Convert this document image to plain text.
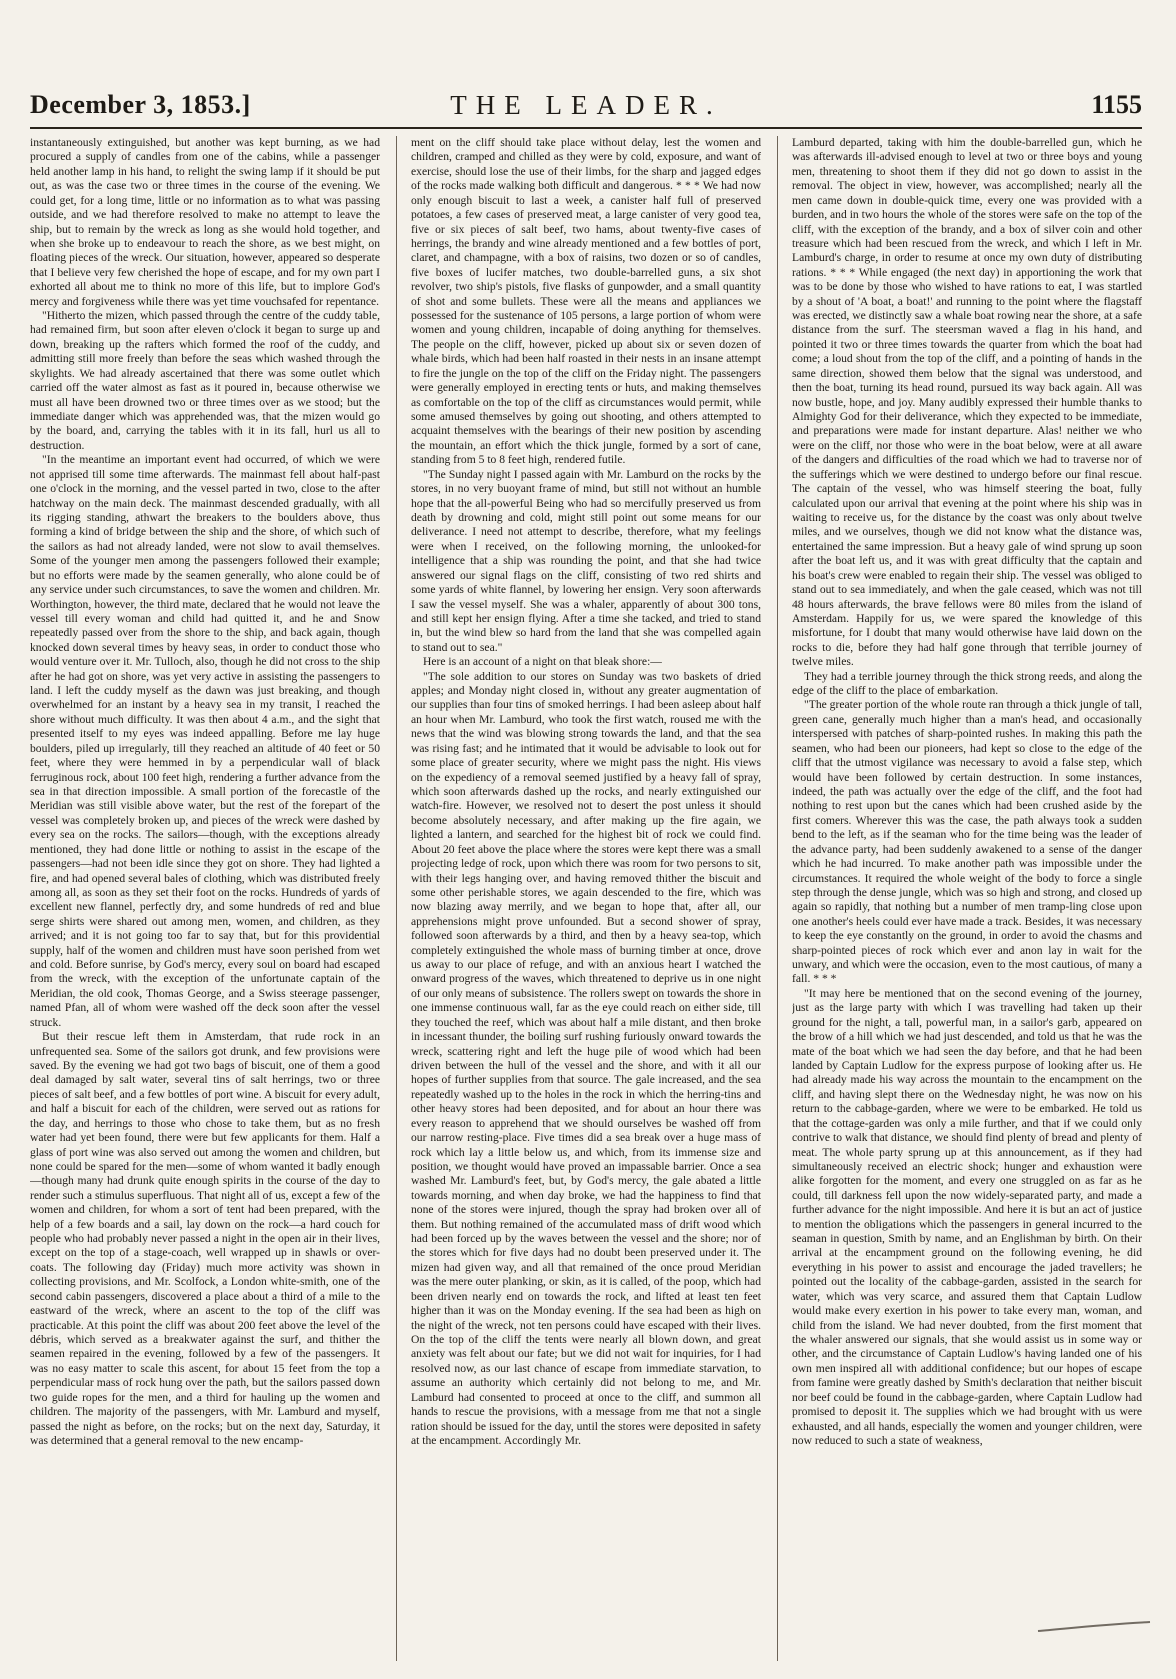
December 3, 1853.]	THE LEADER.	1155

instantaneously extinguished, but another was kept burning, as we had procured a supply of candles from one of the cabins, while a passenger held another lamp in his hand, to relight the swing lamp if it should be put out, as was the case two or three times in the course of the evening. We could get, for a long time, little or no information as to what was passing outside, and we had therefore resolved to make no attempt to leave the ship, but to remain by the wreck as long as she would hold together, and when she broke up to endeavour to reach the shore, as we best might, on floating pieces of the wreck. Our situation, however, appeared so desperate that I believe very few cherished the hope of escape, and for my own part I exhorted all about me to think no more of this life, but to implore God's mercy and forgiveness while there was yet time vouchsafed for repentance.

"Hitherto the mizen, which passed through the centre of the cuddy table, had remained firm, but soon after eleven o'clock it began to surge up and down, breaking up the rafters which formed the roof of the cuddy, and admitting still more freely than before the seas which washed through the skylights. We had already ascertained that there was some outlet which carried off the water almost as fast as it poured in, because otherwise we must all have been drowned two or three times over as we stood; but the immediate danger which was apprehended was, that the mizen would go by the board, and, carrying the tables with it in its fall, hurl us all to destruction.

"In the meantime an important event had occurred, of which we were not apprised till some time afterwards. The mainmast fell about half-past one o'clock in the morning, and the vessel parted in two, close to the after hatchway on the main deck. The mainmast descended gradually, with all its rigging standing, athwart the breakers to the boulders above, thus forming a kind of bridge between the ship and the shore, of which such of the sailors as had not already landed, were not slow to avail themselves. Some of the younger men among the passengers followed their example; but no efforts were made by the seamen generally, who alone could be of any service under such circumstances, to save the women and children. Mr. Worthington, however, the third mate, declared that he would not leave the vessel till every woman and child had quitted it, and he and Snow repeatedly passed over from the shore to the ship, and back again, though knocked down several times by heavy seas, in order to conduct those who would venture over it. Mr. Tulloch, also, though he did not cross to the ship after he had got on shore, was yet very active in assisting the passengers to land. I left the cuddy myself as the dawn was just breaking, and though overwhelmed for an instant by a heavy sea in my transit, I reached the shore without much difficulty. It was then about 4 a.m., and the sight that presented itself to my eyes was indeed appalling. Before me lay huge boulders, piled up irregularly, till they reached an altitude of 40 feet or 50 feet, where they were hemmed in by a perpendicular wall of black ferruginous rock, about 100 feet high, rendering a further advance from the sea in that direction impossible. A small portion of the forecastle of the Meridian was still visible above water, but the rest of the forepart of the vessel was completely broken up, and pieces of the wreck were dashed by every sea on the rocks. The sailors—though, with the exceptions already mentioned, they had done little or nothing to assist in the escape of the passengers—had not been idle since they got on shore. They had lighted a fire, and had opened several bales of clothing, which was distributed freely among all, as soon as they set their foot on the rocks. Hundreds of yards of excellent new flannel, perfectly dry, and some hundreds of red and blue serge shirts were shared out among men, women, and children, as they arrived; and it is not going too far to say that, but for this providential supply, half of the women and children must have soon perished from wet and cold. Before sunrise, by God's mercy, every soul on board had escaped from the wreck, with the exception of the unfortunate captain of the Meridian, the old cook, Thomas George, and a Swiss steerage passenger, named Pfan, all of whom were washed off the deck soon after the vessel struck.

But their rescue left them in Amsterdam, that rude rock in an unfrequented sea. Some of the sailors got drunk, and few provisions were saved. By the evening we had got two bags of biscuit, one of them a good deal damaged by salt water, several tins of salt herrings, two or three pieces of salt beef, and a few bottles of port wine. A biscuit for every adult, and half a biscuit for each of the children, were served out as rations for the day, and herrings to those who chose to take them, but as no fresh water had yet been found, there were but few applicants for them. Half a glass of port wine was also served out among the women and children, but none could be spared for the men—some of whom wanted it badly enough—though many had drunk quite enough spirits in the course of the day to render such a stimulus superfluous. That night all of us, except a few of the women and children, for whom a sort of tent had been prepared, with the help of a few boards and a sail, lay down on the rock—a hard couch for people who had probably never passed a night in the open air in their lives, except on the top of a stage-coach, well wrapped up in shawls or over-coats. The following day (Friday) much more activity was shown in collecting provisions, and Mr. Scolfock, a London white-smith, one of the second cabin passengers, discovered a place about a third of a mile to the eastward of the wreck, where an ascent to the top of the cliff was practicable. At this point the cliff was about 200 feet above the level of the débris, which served as a breakwater against the surf, and thither the seamen repaired in the evening, followed by a few of the passengers. It was no easy matter to scale this ascent, for about 15 feet from the top a perpendicular mass of rock hung over the path, but the sailors passed down two guide ropes for the men, and a third for hauling up the women and children. The majority of the passengers, with Mr. Lamburd and myself, passed the night as before, on the rocks; but on the next day, Saturday, it was determined that a general removal to the new encamp-

ment on the cliff should take place without delay, lest the women and children, cramped and chilled as they were by cold, exposure, and want of exercise, should lose the use of their limbs, for the sharp and jagged edges of the rocks made walking both difficult and dangerous. * * * We had now only enough biscuit to last a week, a canister half full of preserved potatoes, a few cases of preserved meat, a large canister of very good tea, five or six pieces of salt beef, two hams, about twenty-five cases of herrings, the brandy and wine already mentioned and a few bottles of port, claret, and champagne, with a box of raisins, two dozen or so of candles, five boxes of lucifer matches, two double-barrelled guns, a six shot revolver, two ship's pistols, five flasks of gunpowder, and a small quantity of shot and some bullets. These were all the means and appliances we possessed for the sustenance of 105 persons, a large portion of whom were women and young children, incapable of doing anything for themselves. The people on the cliff, however, picked up about six or seven dozen of whale birds, which had been half roasted in their nests in an insane attempt to fire the jungle on the top of the cliff on the Friday night. The passengers were generally employed in erecting tents or huts, and making themselves as comfortable on the top of the cliff as circumstances would permit, while some amused themselves by going out shooting, and others attempted to acquaint themselves with the bearings of their new position by ascending the mountain, an effort which the thick jungle, formed by a sort of cane, standing from 5 to 8 feet high, rendered futile.

"The Sunday night I passed again with Mr. Lamburd on the rocks by the stores, in no very buoyant frame of mind, but still not without an humble hope that the all-powerful Being who had so mercifully preserved us from death by drowning and cold, might still point out some means for our deliverance. I need not attempt to describe, therefore, what my feelings were when I received, on the following morning, the unlooked-for intelligence that a ship was rounding the point, and that she had twice answered our signal flags on the cliff, consisting of two red shirts and some yards of white flannel, by lowering her ensign. Very soon afterwards I saw the vessel myself. She was a whaler, apparently of about 300 tons, and still kept her ensign flying. After a time she tacked, and tried to stand in, but the wind blew so hard from the land that she was compelled again to stand out to sea."

Here is an account of a night on that bleak shore:—

"The sole addition to our stores on Sunday was two baskets of dried apples; and Monday night closed in, without any greater augmentation of our supplies than four tins of smoked herrings. I had been asleep about half an hour when Mr. Lamburd, who took the first watch, roused me with the news that the wind was blowing strong towards the land, and that the sea was rising fast; and he intimated that it would be advisable to look out for some place of greater security, where we might pass the night. His views on the expediency of a removal seemed justified by a heavy fall of spray, which soon afterwards dashed up the rocks, and nearly extinguished our watch-fire. However, we resolved not to desert the post unless it should become absolutely necessary, and after making up the fire again, we lighted a lantern, and searched for the highest bit of rock we could find. About 20 feet above the place where the stores were kept there was a small projecting ledge of rock, upon which there was room for two persons to sit, with their legs hanging over, and having removed thither the biscuit and some other perishable stores, we again descended to the fire, which was now blazing away merrily, and we began to hope that, after all, our apprehensions might prove unfounded. But a second shower of spray, followed soon afterwards by a third, and then by a heavy sea-top, which completely extinguished the whole mass of burning timber at once, drove us away to our place of refuge, and with an anxious heart I watched the onward progress of the waves, which threatened to deprive us in one night of our only means of subsistence. The rollers swept on towards the shore in one immense continuous wall, far as the eye could reach on either side, till they touched the reef, which was about half a mile distant, and then broke in incessant thunder, the boiling surf rushing furiously onward towards the wreck, scattering right and left the huge pile of wood which had been driven between the hull of the vessel and the shore, and with it all our hopes of further supplies from that source. The gale increased, and the sea repeatedly washed up to the holes in the rock in which the herring-tins and other heavy stores had been deposited, and for about an hour there was every reason to apprehend that we should ourselves be washed off from our narrow resting-place. Five times did a sea break over a huge mass of rock which lay a little below us, and which, from its immense size and position, we thought would have proved an impassable barrier. Once a sea washed Mr. Lamburd's feet, but, by God's mercy, the gale abated a little towards morning, and when day broke, we had the happiness to find that none of the stores were injured, though the spray had broken over all of them. But nothing remained of the accumulated mass of drift wood which had been forced up by the waves between the vessel and the shore; nor of the stores which for five days had no doubt been preserved under it. The mizen had given way, and all that remained of the once proud Meridian was the mere outer planking, or skin, as it is called, of the poop, which had been driven nearly end on towards the rock, and lifted at least ten feet higher than it was on the Monday evening. If the sea had been as high on the night of the wreck, not ten persons could have escaped with their lives. On the top of the cliff the tents were nearly all blown down, and great anxiety was felt about our fate; but we did not wait for inquiries, for I had resolved now, as our last chance of escape from immediate starvation, to assume an authority which certainly did not belong to me, and Mr. Lamburd had consented to proceed at once to the cliff, and summon all hands to rescue the provisions, with a message from me that not a single ration should be issued for the day, until the stores were deposited in safety at the encampment. Accordingly Mr.

Lamburd departed, taking with him the double-barrelled gun, which he was afterwards ill-advised enough to level at two or three boys and young men, threatening to shoot them if they did not go down to assist in the removal. The object in view, however, was accomplished; nearly all the men came down in double-quick time, every one was provided with a burden, and in two hours the whole of the stores were safe on the top of the cliff, with the exception of the brandy, and a box of silver coin and other treasure which had been rescued from the wreck, and which I left in Mr. Lamburd's charge, in order to resume at once my own duty of distributing rations. * * * While engaged (the next day) in apportioning the work that was to be done by those who wished to have rations to eat, I was startled by a shout of 'A boat, a boat!' and running to the point where the flagstaff was erected, we distinctly saw a whale boat rowing near the shore, at a safe distance from the surf. The steersman waved a flag in his hand, and pointed it two or three times towards the quarter from which the boat had come; a loud shout from the top of the cliff, and a pointing of hands in the same direction, showed them below that the signal was understood, and then the boat, turning its head round, pursued its way back again. All was now bustle, hope, and joy. Many audibly expressed their humble thanks to Almighty God for their deliverance, which they expected to be immediate, and preparations were made for instant departure. Alas! neither we who were on the cliff, nor those who were in the boat below, were at all aware of the dangers and difficulties of the road which we had to traverse nor of the sufferings which we were destined to undergo before our final rescue. The captain of the vessel, who was himself steering the boat, fully calculated upon our arrival that evening at the point where his ship was in waiting to receive us, for the distance by the coast was only about twelve miles, and we ourselves, though we did not know what the distance was, entertained the same impression. But a heavy gale of wind sprung up soon after the boat left us, and it was with great difficulty that the captain and his boat's crew were enabled to regain their ship. The vessel was obliged to stand out to sea immediately, and when the gale ceased, which was not till 48 hours afterwards, the brave fellows were 80 miles from the island of Amsterdam. Happily for us, we were spared the knowledge of this misfortune, for I doubt that many would otherwise have laid down on the rocks to die, before they had half gone through that terrible journey of twelve miles.

They had a terrible journey through the thick strong reeds, and along the edge of the cliff to the place of embarkation.

"The greater portion of the whole route ran through a thick jungle of tall, green cane, generally much higher than a man's head, and occasionally interspersed with patches of sharp-pointed rushes. In making this path the seamen, who had been our pioneers, had kept so close to the edge of the cliff that the utmost vigilance was necessary to avoid a false step, which would have been followed by certain destruction. In some instances, indeed, the path was actually over the edge of the cliff, and the foot had nothing to rest upon but the canes which had been crushed aside by the first comers. Wherever this was the case, the path always took a sudden bend to the left, as if the seaman who for the time being was the leader of the advance party, had been suddenly awakened to a sense of the danger which he had incurred. To make another path was impossible under the circumstances. It required the whole weight of the body to force a single step through the dense jungle, which was so high and strong, and closed up again so rapidly, that nothing but a number of men tramp-ling close upon one another's heels could ever have made a track. Besides, it was necessary to keep the eye constantly on the ground, in order to avoid the chasms and sharp-pointed pieces of rock which ever and anon lay in wait for the unwary, and which were the occasion, even to the most cautious, of many a fall. * * *

"It may here be mentioned that on the second evening of the journey, just as the large party with which I was travelling had taken up their ground for the night, a tall, powerful man, in a sailor's garb, appeared on the brow of a hill which we had just descended, and told us that he was the mate of the boat which we had seen the day before, and that he had been landed by Captain Ludlow for the express purpose of looking after us. He had already made his way across the mountain to the encampment on the cliff, and having slept there on the Wednesday night, he was now on his return to the cabbage-garden, where we were to be embarked. He told us that the cottage-garden was only a mile further, and that if we could only contrive to walk that distance, we should find plenty of bread and plenty of meat. The whole party sprung up at this announcement, as if they had simultaneously received an electric shock; hunger and exhaustion were alike forgotten for the moment, and every one struggled on as far as he could, till darkness fell upon the now widely-separated party, and made a further advance for the night impossible. And here it is but an act of justice to mention the obligations which the passengers in general incurred to the seaman in question, Smith by name, and an Englishman by birth. On their arrival at the encampment ground on the following evening, he did everything in his power to assist and encourage the jaded travellers; he pointed out the locality of the cabbage-garden, assisted in the search for water, which was very scarce, and assured them that Captain Ludlow would make every exertion in his power to take every man, woman, and child from the island. We had never doubted, from the first moment that the whaler answered our signals, that she would assist us in some way or other, and the circumstance of Captain Ludlow's having landed one of his own men inspired all with additional confidence; but our hopes of escape from famine were greatly dashed by Smith's declaration that neither biscuit nor beef could be found in the cabbage-garden, where Captain Ludlow had promised to deposit it. The supplies which we had brought with us were exhausted, and all hands, especially the women and younger children, were now reduced to such a state of weakness,
